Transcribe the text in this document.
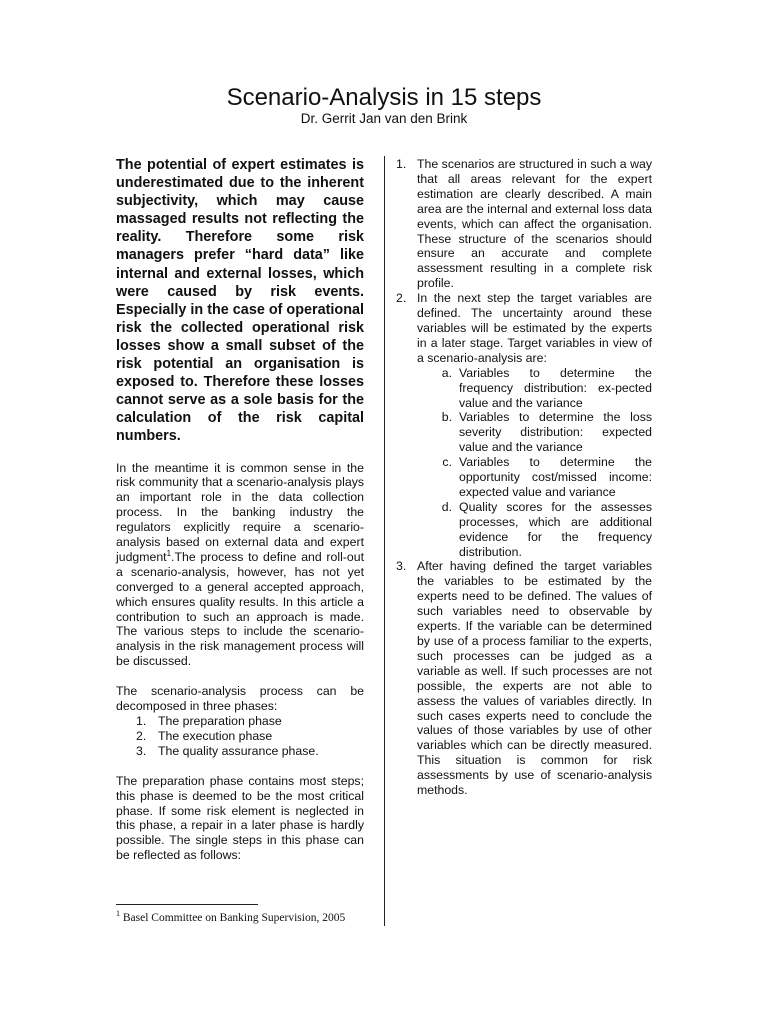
Scenario-Analysis in 15 steps

Dr. Gerrit Jan van den Brink

The potential of expert estimates is underestimated due to the inherent subjectivity, which may cause massaged results not reflecting the reality. Therefore some risk managers prefer “hard data” like internal and external losses, which were caused by risk events. Especially in the case of operational risk the collected operational risk losses show a small subset of the risk potential an organisation is exposed to. Therefore these losses cannot serve as a sole basis for the calculation of the risk capital numbers.

In the meantime it is common sense in the risk community that a scenario-analysis plays an important role in the data collection process. In the banking industry the regulators explicitly require a scenario-analysis based on external data and expert judgment$^1$.The process to define and roll-out a scenario-analysis, however, has not yet converged to a general accepted approach, which ensures quality results. In this article a contribution to such an approach is made. The various steps to include the scenario-analysis in the risk management process will be discussed.

The scenario-analysis process can be decomposed in three phases:

1. The preparation phase
2. The execution phase
3. The quality assurance phase.

The preparation phase contains most steps; this phase is deemed to be the most critical phase. If some risk element is neglected in this phase, a repair in a later phase is hardly possible. The single steps in this phase can be reflected as follows:

$^1$ Basel Committee on Banking Supervision, 2005

1. The scenarios are structured in such a way that all areas relevant for the expert estimation are clearly described. A main area are the internal and external loss data events, which can affect the organisation. These structure of the scenarios should ensure an accurate and complete assessment resulting in a complete risk profile.

2. In the next step the target variables are defined. The uncertainty around these variables will be estimated by the experts in a later stage. Target variables in view of a scenario-analysis are:

a. Variables to determine the frequency distribution: ex-pected value and the variance

b. Variables to determine the loss severity distribution: expected value and the variance

c. Variables to determine the opportunity cost/missed income: expected value and variance

d. Quality scores for the assesses processes, which are additional evidence for the frequency distribution.

3. After having defined the target variables the variables to be estimated by the experts need to be defined. The values of such variables need to observable by experts. If the variable can be determined by use of a process familiar to the experts, such processes can be judged as a variable as well. If such processes are not possible, the experts are not able to assess the values of variables directly. In such cases experts need to conclude the values of those variables by use of other variables which can be directly measured. This situation is common for risk assessments by use of scenario-analysis methods.
